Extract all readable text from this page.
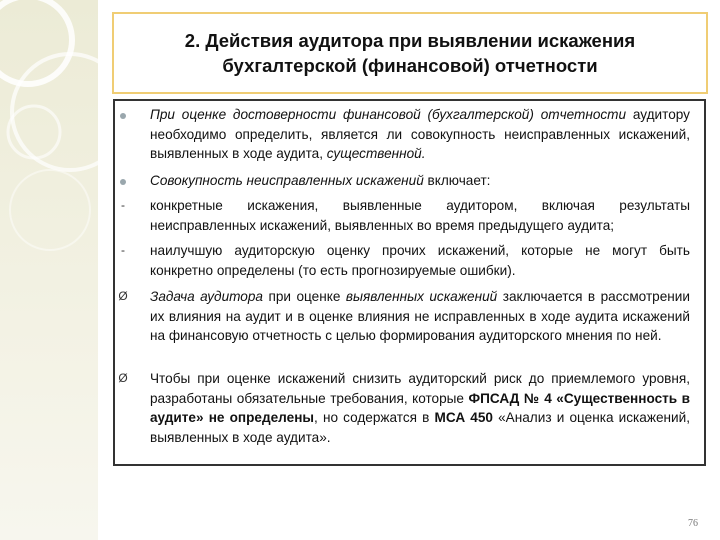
2. Действия аудитора при выявлении искажения
бухгалтерской (финансовой) отчетности
При оценке достоверности финансовой (бухгалтерской) отчетности аудитору необходимо определить, является ли совокупность неисправленных искажений, выявленных в ходе аудита, существенной.
Совокупность неисправленных искажений включает:
-	конкретные искажения, выявленные аудитором, включая результаты неисправленных искажений, выявленных во время предыдущего аудита;
-	наилучшую аудиторскую оценку прочих искажений, которые не могут быть конкретно определены (то есть прогнозируемые ошибки).
Ø Задача аудитора при оценке выявленных искажений заключается в рассмотрении их влияния на аудит и в оценке влияния не исправленных в ходе аудита искажений на финансовую отчетность с целью формирования аудиторского мнения по ней.
Ø Чтобы при оценке искажений снизить аудиторский риск до приемлемого уровня, разработаны обязательные требования, которые ФПСАД № 4 «Существенность в аудите» не определены, но содержатся в МСА 450 «Анализ и оценка искажений, выявленных в ходе аудита».
76
